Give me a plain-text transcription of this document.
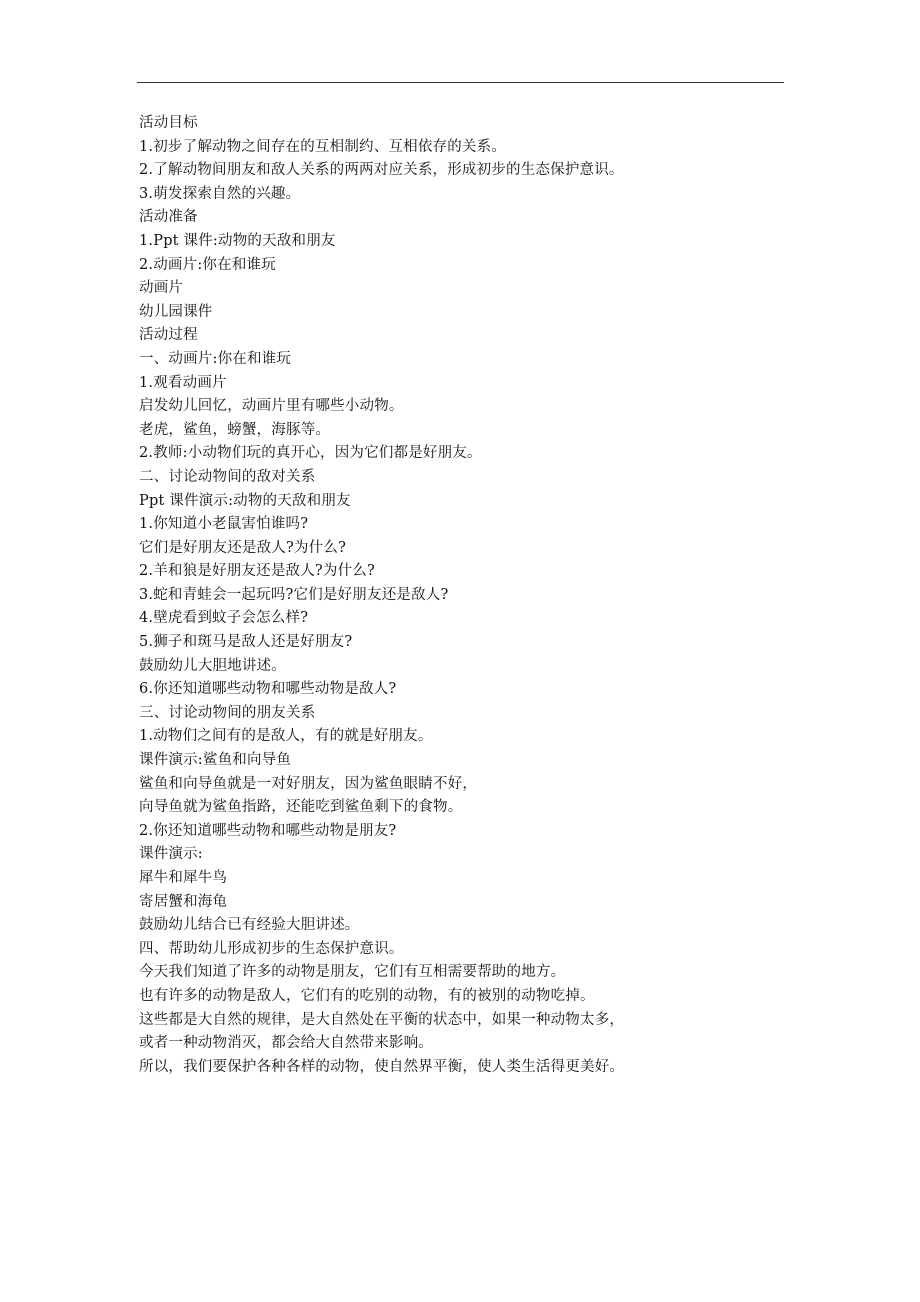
活动目标
1.初步了解动物之间存在的互相制约、互相依存的关系。
2.了解动物间朋友和敌人关系的两两对应关系，形成初步的生态保护意识。
3.萌发探索自然的兴趣。
活动准备
1.Ppt 课件:动物的天敌和朋友
2.动画片:你在和谁玩
动画片
幼儿园课件
活动过程
一、动画片:你在和谁玩
1.观看动画片
启发幼儿回忆，动画片里有哪些小动物。
老虎，鲨鱼，螃蟹，海豚等。
2.教师:小动物们玩的真开心，因为它们都是好朋友。
二、讨论动物间的敌对关系
Ppt 课件演示:动物的天敌和朋友
1.你知道小老鼠害怕谁吗?
它们是好朋友还是敌人?为什么?
2.羊和狼是好朋友还是敌人?为什么?
3.蛇和青蛙会一起玩吗?它们是好朋友还是敌人?
4.壁虎看到蚊子会怎么样?
5.狮子和斑马是敌人还是好朋友?
鼓励幼儿大胆地讲述。
6.你还知道哪些动物和哪些动物是敌人?
三、讨论动物间的朋友关系
1.动物们之间有的是敌人，有的就是好朋友。
课件演示:鲨鱼和向导鱼
鲨鱼和向导鱼就是一对好朋友，因为鲨鱼眼睛不好，
向导鱼就为鲨鱼指路，还能吃到鲨鱼剩下的食物。
2.你还知道哪些动物和哪些动物是朋友?
课件演示:
犀牛和犀牛鸟
寄居蟹和海龟
鼓励幼儿结合已有经验大胆讲述。
四、帮助幼儿形成初步的生态保护意识。
今天我们知道了许多的动物是朋友，它们有互相需要帮助的地方。
也有许多的动物是敌人，它们有的吃别的动物，有的被别的动物吃掉。
这些都是大自然的规律，是大自然处在平衡的状态中，如果一种动物太多，
或者一种动物消灭，都会给大自然带来影响。
所以，我们要保护各种各样的动物，使自然界平衡，使人类生活得更美好。
